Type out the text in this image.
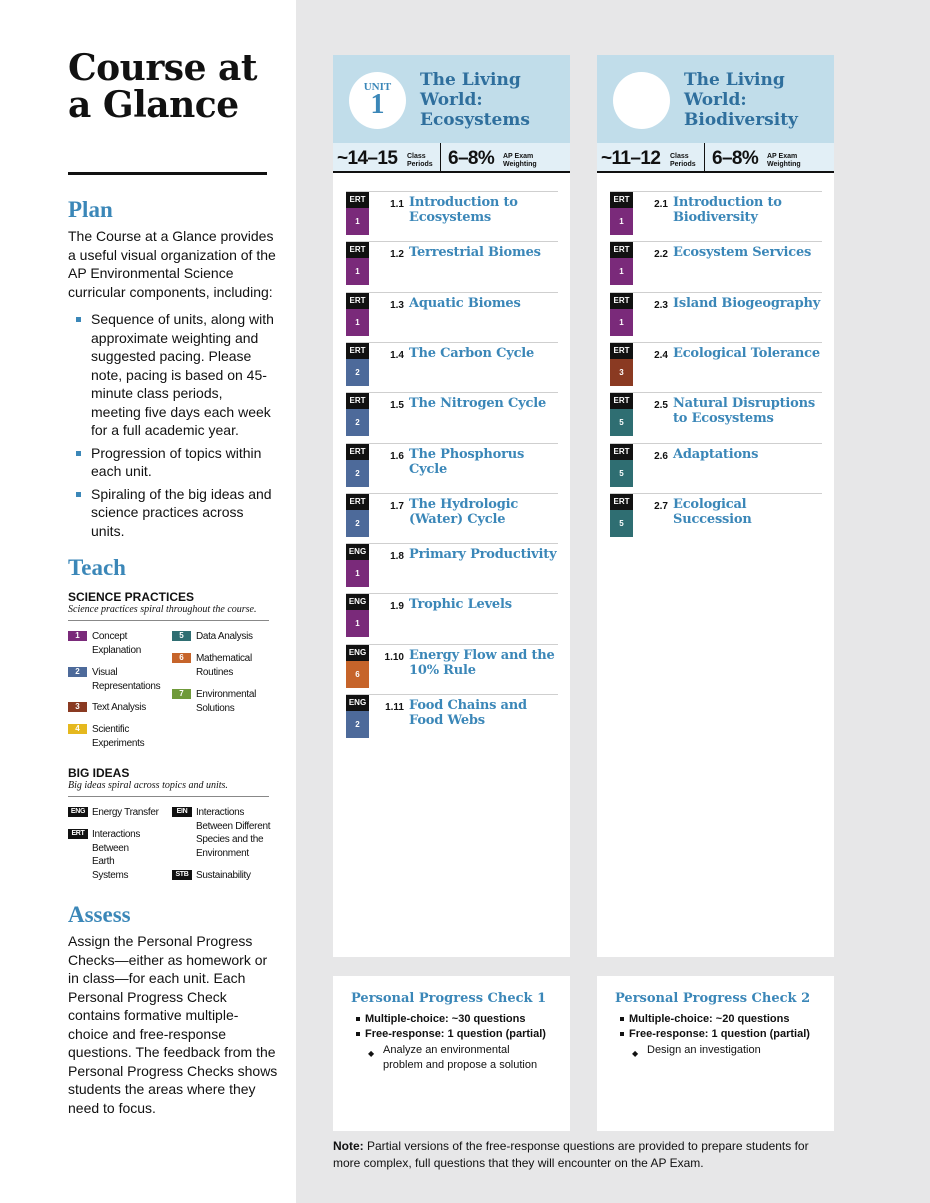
Course at
a Glance
Plan
The Course at a Glance provides a useful visual organization of the AP Environmental Science curricular components, including:
Sequence of units, along with approximate weighting and suggested pacing. Please note, pacing is based on 45-minute class periods, meeting five days each week for a full academic year.
Progression of topics within each unit.
Spiraling of the big ideas and science practices across units.
Teach
SCIENCE PRACTICES
Science practices spiral throughout the course.
1	Concept Explanation
2	Visual Representations
3	Text Analysis
4	Scientific Experiments
5	Data Analysis
6	Mathematical Routines
7	Environmental Solutions
BIG IDEAS
Big ideas spiral across topics and units.
ENG Energy Transfer
ERT Interactions Between Earth Systems
EIN Interactions Between Different Species and the Environment
STB Sustainability
Assess
Assign the Personal Progress Checks—either as homework or in class—for each unit. Each Personal Progress Check contains formative multiple-choice and free-response questions. The feedback from the Personal Progress Checks shows students the areas where they need to focus.
UNIT
1
The Living
World:
Ecosystems
~14–15 Class
Periods 6–8% AP Exam
Weighting
ERT
1
1.1 Introduction to Ecosystems
ERT
1
1.2 Terrestrial Biomes
ERT
1
1.3 Aquatic Biomes
ERT
2
1.4 The Carbon Cycle
ERT
2
1.5 The Nitrogen Cycle
ERT
2
1.6 The Phosphorus Cycle
ERT
2
1.7 The Hydrologic (Water) Cycle
ENG
1
1.8 Primary Productivity
ENG
1
1.9 Trophic Levels
ENG
6
1.10 Energy Flow and the 10% Rule
ENG
2
1.11 Food Chains and Food Webs
The Living
World:
Biodiversity
~11–12 Class
Periods 6–8% AP Exam
Weighting
ERT
1
2.1 Introduction to Biodiversity
ERT
1
2.2 Ecosystem Services
ERT
1
2.3 Island Biogeography
ERT
3
2.4 Ecological Tolerance
ERT
5
2.5 Natural Disruptions to Ecosystems
ERT
5
2.6 Adaptations
ERT
5
2.7 Ecological Succession
Personal Progress Check 1
Multiple-choice: ~30 questions
Free-response: 1 question (partial)
◆ Analyze an environmental problem and propose a solution
Personal Progress Check 2
Multiple-choice: ~20 questions
Free-response: 1 question (partial)
◆ Design an investigation
Note: Partial versions of the free-response questions are provided to prepare students for more complex, full questions that they will encounter on the AP Exam.
